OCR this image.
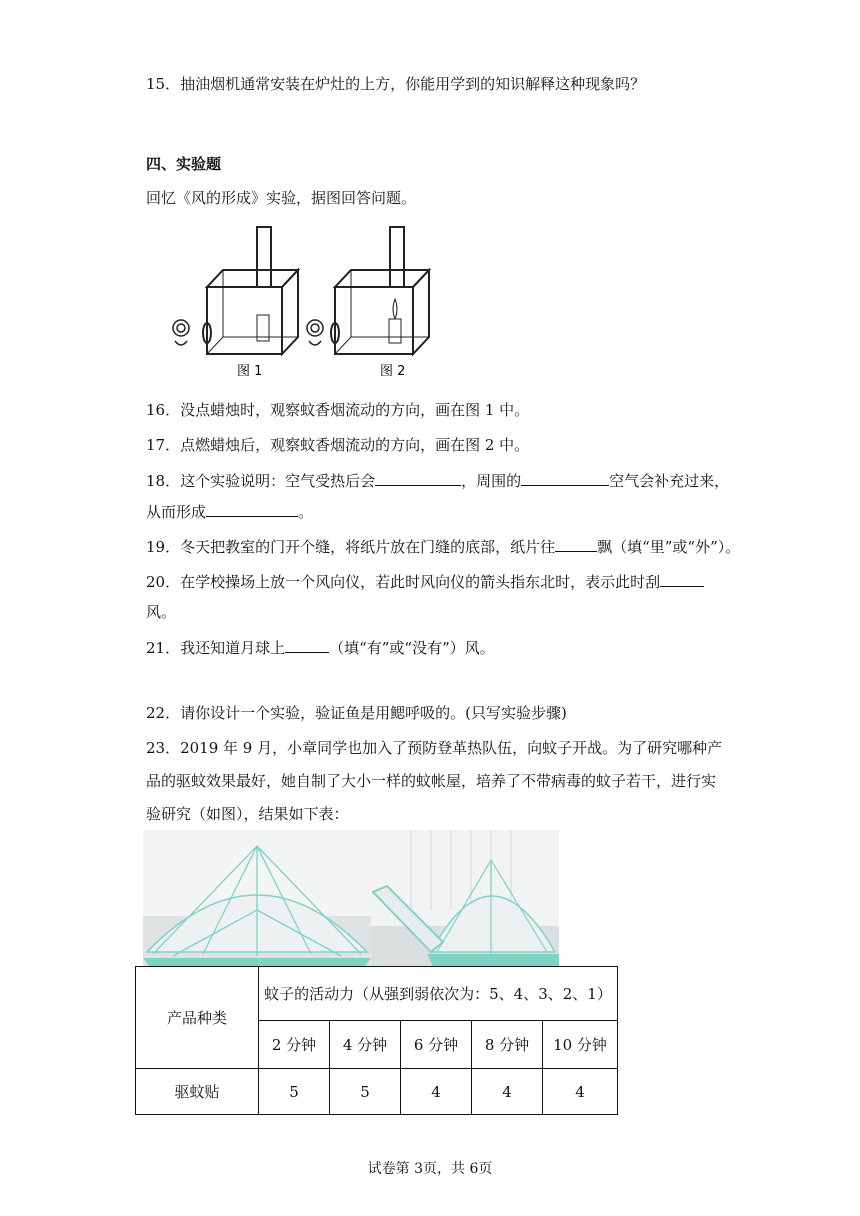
15．抽油烟机通常安装在炉灶的上方，你能用学到的知识解释这种现象吗？
四、实验题
回忆《风的形成》实验，据图回答问题。
图 1	图 2
16．没点蜡烛时，观察蚊香烟流动的方向，画在图 1 中。
17．点燃蜡烛后，观察蚊香烟流动的方向，画在图 2 中。
18．这个实验说明：空气受热后会	，周围的	空气会补充过来，
从而形成	。
19．冬天把教室的门开个缝，将纸片放在门缝的底部，纸片往	飘（填“里”或“外”）。
20．在学校操场上放一个风向仪，若此时风向仪的箭头指东北时，表示此时刮
风。
21．我还知道月球上	（填“有”或“没有”）风。
22．请你设计一个实验，验证鱼是用鳃呼吸的。(只写实验步骤)
23．2019 年 9 月，小章同学也加入了预防登革热队伍，向蚊子开战。为了研究哪种产
品的驱蚊效果最好，她自制了大小一样的蚊帐屋，培养了不带病毒的蚊子若干，进行实
验研究（如图），结果如下表：
产品种类	蚊子的活动力（从强到弱依次为：5、4、3、2、1）				
	2 分钟	4 分钟	6 分钟	8 分钟	10 分钟
驱蚊贴	5	5	4	4	4
试卷第 3页，共 6页
